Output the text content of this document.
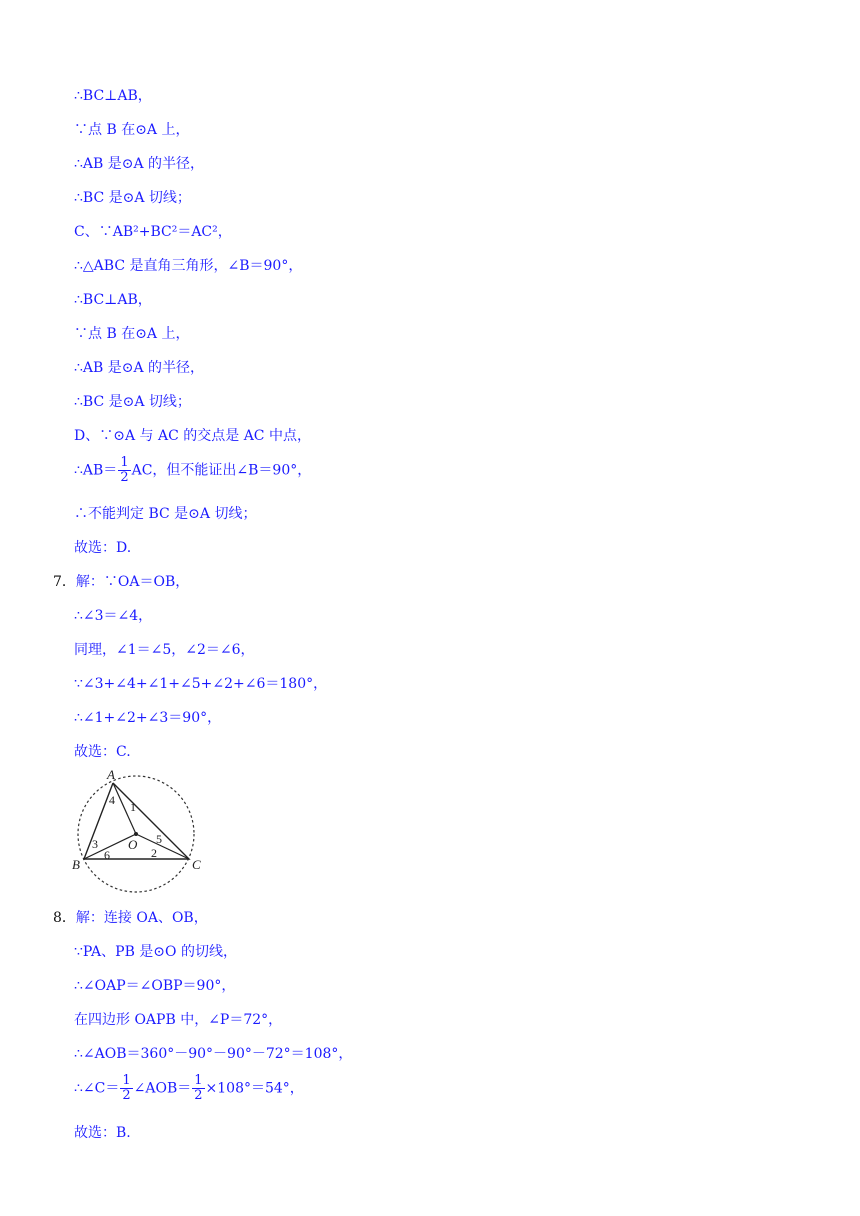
∴BC⊥AB，
∵点 B 在⊙A 上，
∴AB 是⊙A 的半径，
∴BC 是⊙A 切线；
C、∵AB²+BC²＝AC²，
∴△ABC 是直角三角形，∠B＝90°，
∴BC⊥AB，
∵点 B 在⊙A 上，
∴AB 是⊙A 的半径，
∴BC 是⊙A 切线；
D、∵⊙A 与 AC 的交点是 AC 中点，
∴AB＝ $\frac{1}{2}$ AC，但不能证出∠B＝90°，
∴不能判定 BC 是⊙A 切线；
故选：D.
7．解：∵OA＝OB，
∴∠3＝∠4，
同理，∠1＝∠5，∠2＝∠6，
∵∠3+∠4+∠1+∠5+∠2+∠6＝180°，
∴∠1+∠2+∠3＝90°，
故选：C.
A
B	C
O
1
2
3
4
5
6
8．解：连接 OA、OB，
∵PA、PB 是⊙O 的切线，
∴∠OAP＝∠OBP＝90°，
在四边形 OAPB 中，∠P＝72°，
∴∠AOB＝360°－90°－90°－72°＝108°，
∴∠C＝ $\frac{1}{2}$ ∠AOB＝ $\frac{1}{2} \times 108^\circ=54^\circ$，
故选：B.
